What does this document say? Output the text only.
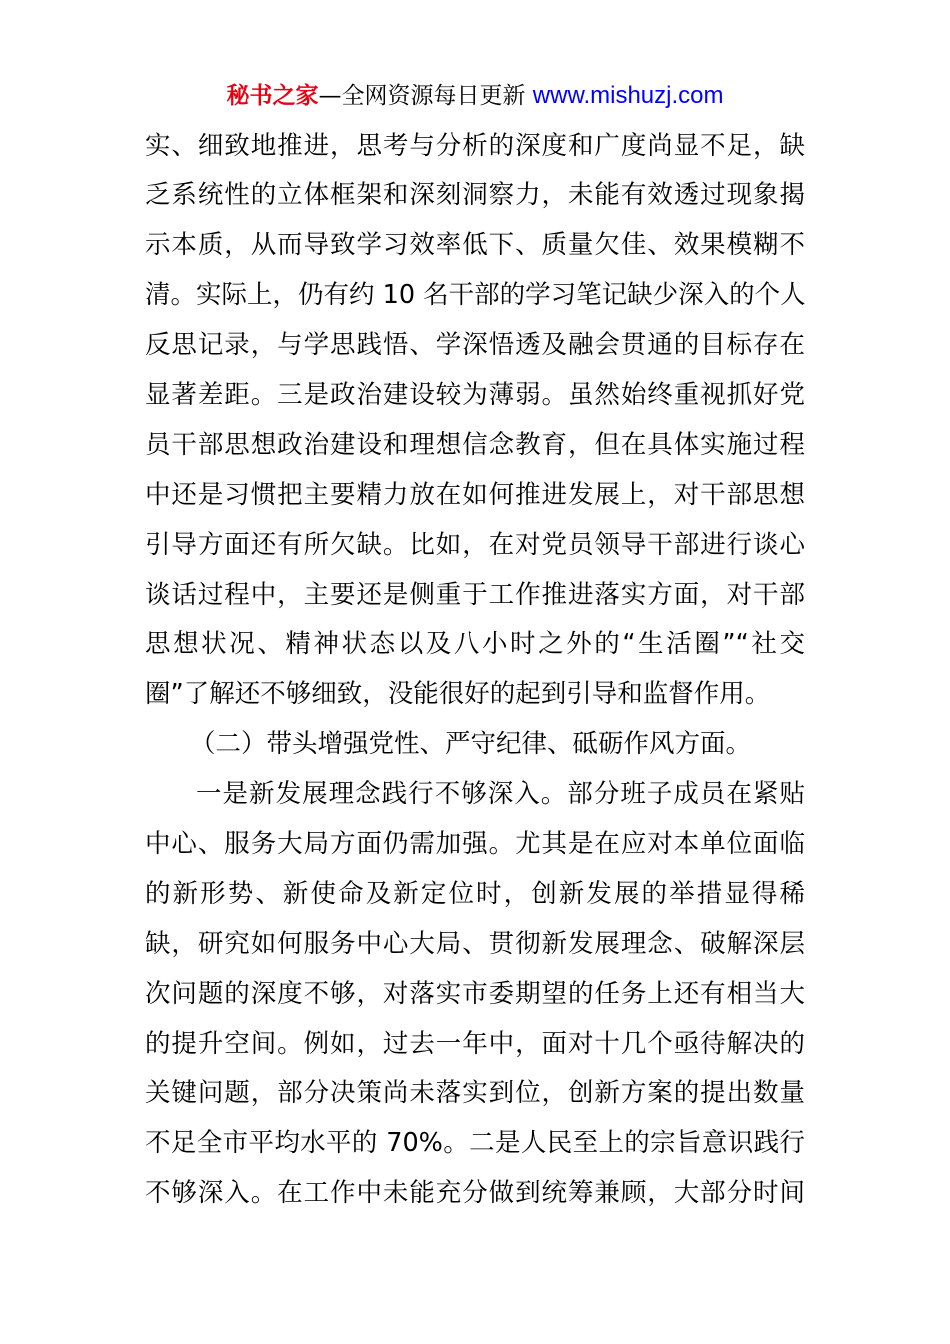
秘书之家—全网资源每日更新 www.mishuzj.com
实、细致地推进，思考与分析的深度和广度尚显不足，缺
乏系统性的立体框架和深刻洞察力，未能有效透过现象揭
示本质，从而导致学习效率低下、质量欠佳、效果模糊不
清。实际上，仍有约 10 名干部的学习笔记缺少深入的个人
反思记录，与学思践悟、学深悟透及融会贯通的目标存在
显著差距。三是政治建设较为薄弱。虽然始终重视抓好党
员干部思想政治建设和理想信念教育，但在具体实施过程
中还是习惯把主要精力放在如何推进发展上，对干部思想
引导方面还有所欠缺。比如，在对党员领导干部进行谈心
谈话过程中，主要还是侧重于工作推进落实方面，对干部
思想状况、精神状态以及八小时之外的“生活圈”“社交
圈”了解还不够细致，没能很好的起到引导和监督作用。
（二）带头增强党性、严守纪律、砥砺作风方面。
一是新发展理念践行不够深入。部分班子成员在紧贴
中心、服务大局方面仍需加强。尤其是在应对本单位面临
的新形势、新使命及新定位时，创新发展的举措显得稀
缺，研究如何服务中心大局、贯彻新发展理念、破解深层
次问题的深度不够，对落实市委期望的任务上还有相当大
的提升空间。例如，过去一年中，面对十几个亟待解决的
关键问题，部分决策尚未落实到位，创新方案的提出数量
不足全市平均水平的 70%。二是人民至上的宗旨意识践行
不够深入。在工作中未能充分做到统筹兼顾，大部分时间
